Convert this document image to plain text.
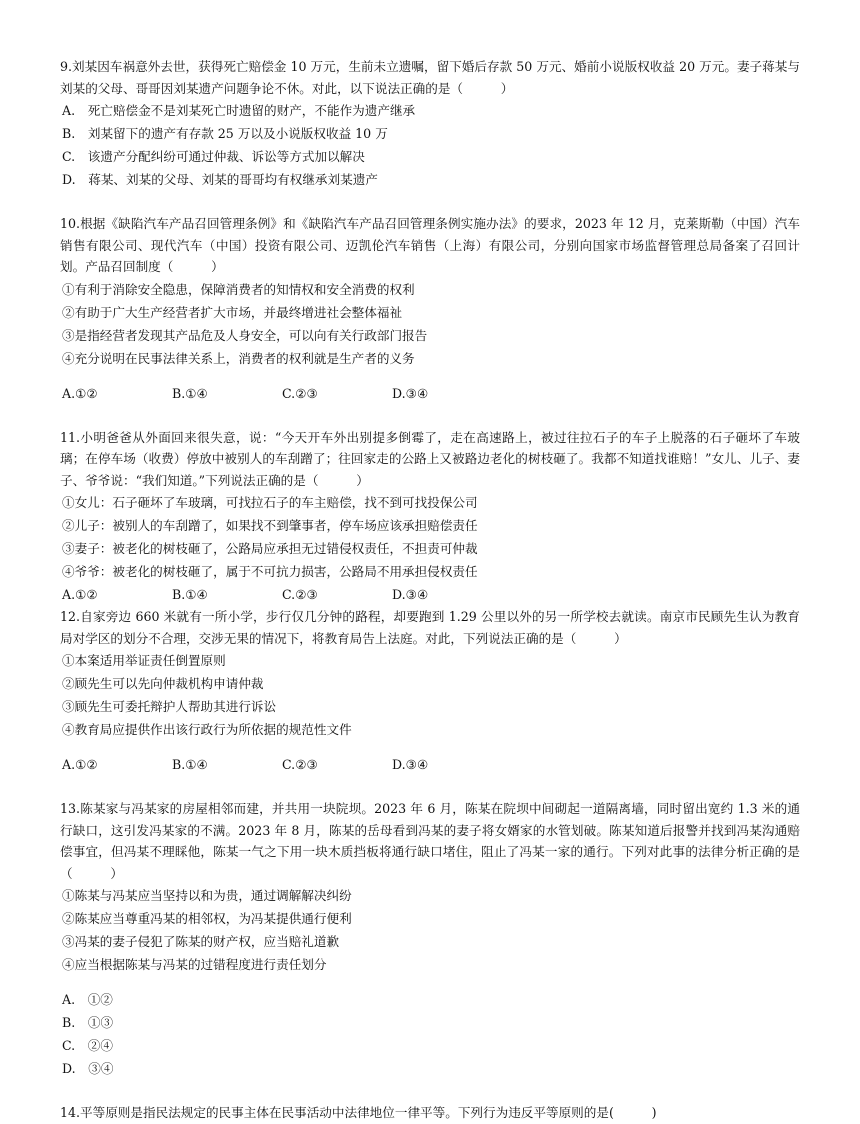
9.刘某因车祸意外去世，获得死亡赔偿金 10 万元，生前未立遗嘱，留下婚后存款 50 万元、婚前小说版权收益 20 万元。妻子蒋某与刘某的父母、哥哥因刘某遗产问题争论不休。对此，以下说法正确的是（　　　）

A.　死亡赔偿金不是刘某死亡时遗留的财产，不能作为遗产继承

B.　刘某留下的遗产有存款 25 万以及小说版权收益 10 万

C.　该遗产分配纠纷可通过仲裁、诉讼等方式加以解决

D.　蒋某、刘某的父母、刘某的哥哥均有权继承刘某遗产

10.根据《缺陷汽车产品召回管理条例》和《缺陷汽车产品召回管理条例实施办法》的要求，2023 年 12 月，克莱斯勒（中国）汽车销售有限公司、现代汽车（中国）投资有限公司、迈凯伦汽车销售（上海）有限公司，分别向国家市场监督管理总局备案了召回计划。产品召回制度（　　　）

①有利于消除安全隐患，保障消费者的知情权和安全消费的权利

②有助于广大生产经营者扩大市场，并最终增进社会整体福祉

③是指经营者发现其产品危及人身安全，可以向有关行政部门报告

④充分说明在民事法律关系上，消费者的权利就是生产者的义务

A.①②	B.①④	C.②③	D.③④

11.小明爸爸从外面回来很失意，说：“今天开车外出别提多倒霉了，走在高速路上，被过往拉石子的车子上脱落的石子砸坏了车玻璃；在停车场（收费）停放中被别人的车刮蹭了；往回家走的公路上又被路边老化的树枝砸了。我都不知道找谁赔！”女儿、儿子、妻子、爷爷说：“我们知道。”下列说法正确的是（　　　）

①女儿：石子砸坏了车玻璃，可找拉石子的车主赔偿，找不到可找投保公司

②儿子：被别人的车刮蹭了，如果找不到肇事者，停车场应该承担赔偿责任

③妻子：被老化的树枝砸了，公路局应承担无过错侵权责任，不担责可仲裁

④爷爷：被老化的树枝砸了，属于不可抗力损害，公路局不用承担侵权责任

A.①②	B.①④	C.②③	D.③④

12.自家旁边 660 米就有一所小学，步行仅几分钟的路程，却要跑到 1.29 公里以外的另一所学校去就读。南京市民顾先生认为教育局对学区的划分不合理，交涉无果的情况下，将教育局告上法庭。对此，下列说法正确的是（　　　）

①本案适用举证责任倒置原则

②顾先生可以先向仲裁机构申请仲裁

③顾先生可委托辩护人帮助其进行诉讼

④教育局应提供作出该行政行为所依据的规范性文件

A.①②	B.①④	C.②③	D.③④

13.陈某家与冯某家的房屋相邻而建，并共用一块院坝。2023 年 6 月，陈某在院坝中间砌起一道隔离墙，同时留出宽约 1.3 米的通行缺口，这引发冯某家的不满。2023 年 8 月，陈某的岳母看到冯某的妻子将女婿家的水管划破。陈某知道后报警并找到冯某沟通赔偿事宜，但冯某不理睬他，陈某一气之下用一块木质挡板将通行缺口堵住，阻止了冯某一家的通行。下列对此事的法律分析正确的是（　　　）

①陈某与冯某应当坚持以和为贵，通过调解解决纠纷

②陈某应当尊重冯某的相邻权，为冯某提供通行便利

③冯某的妻子侵犯了陈某的财产权，应当赔礼道歉

④应当根据陈某与冯某的过错程度进行责任划分

A.　①②

B.　①③

C.　②④

D.　③④

14.平等原则是指民法规定的民事主体在民事活动中法律地位一律平等。下列行为违反平等原则的是(　　　)
